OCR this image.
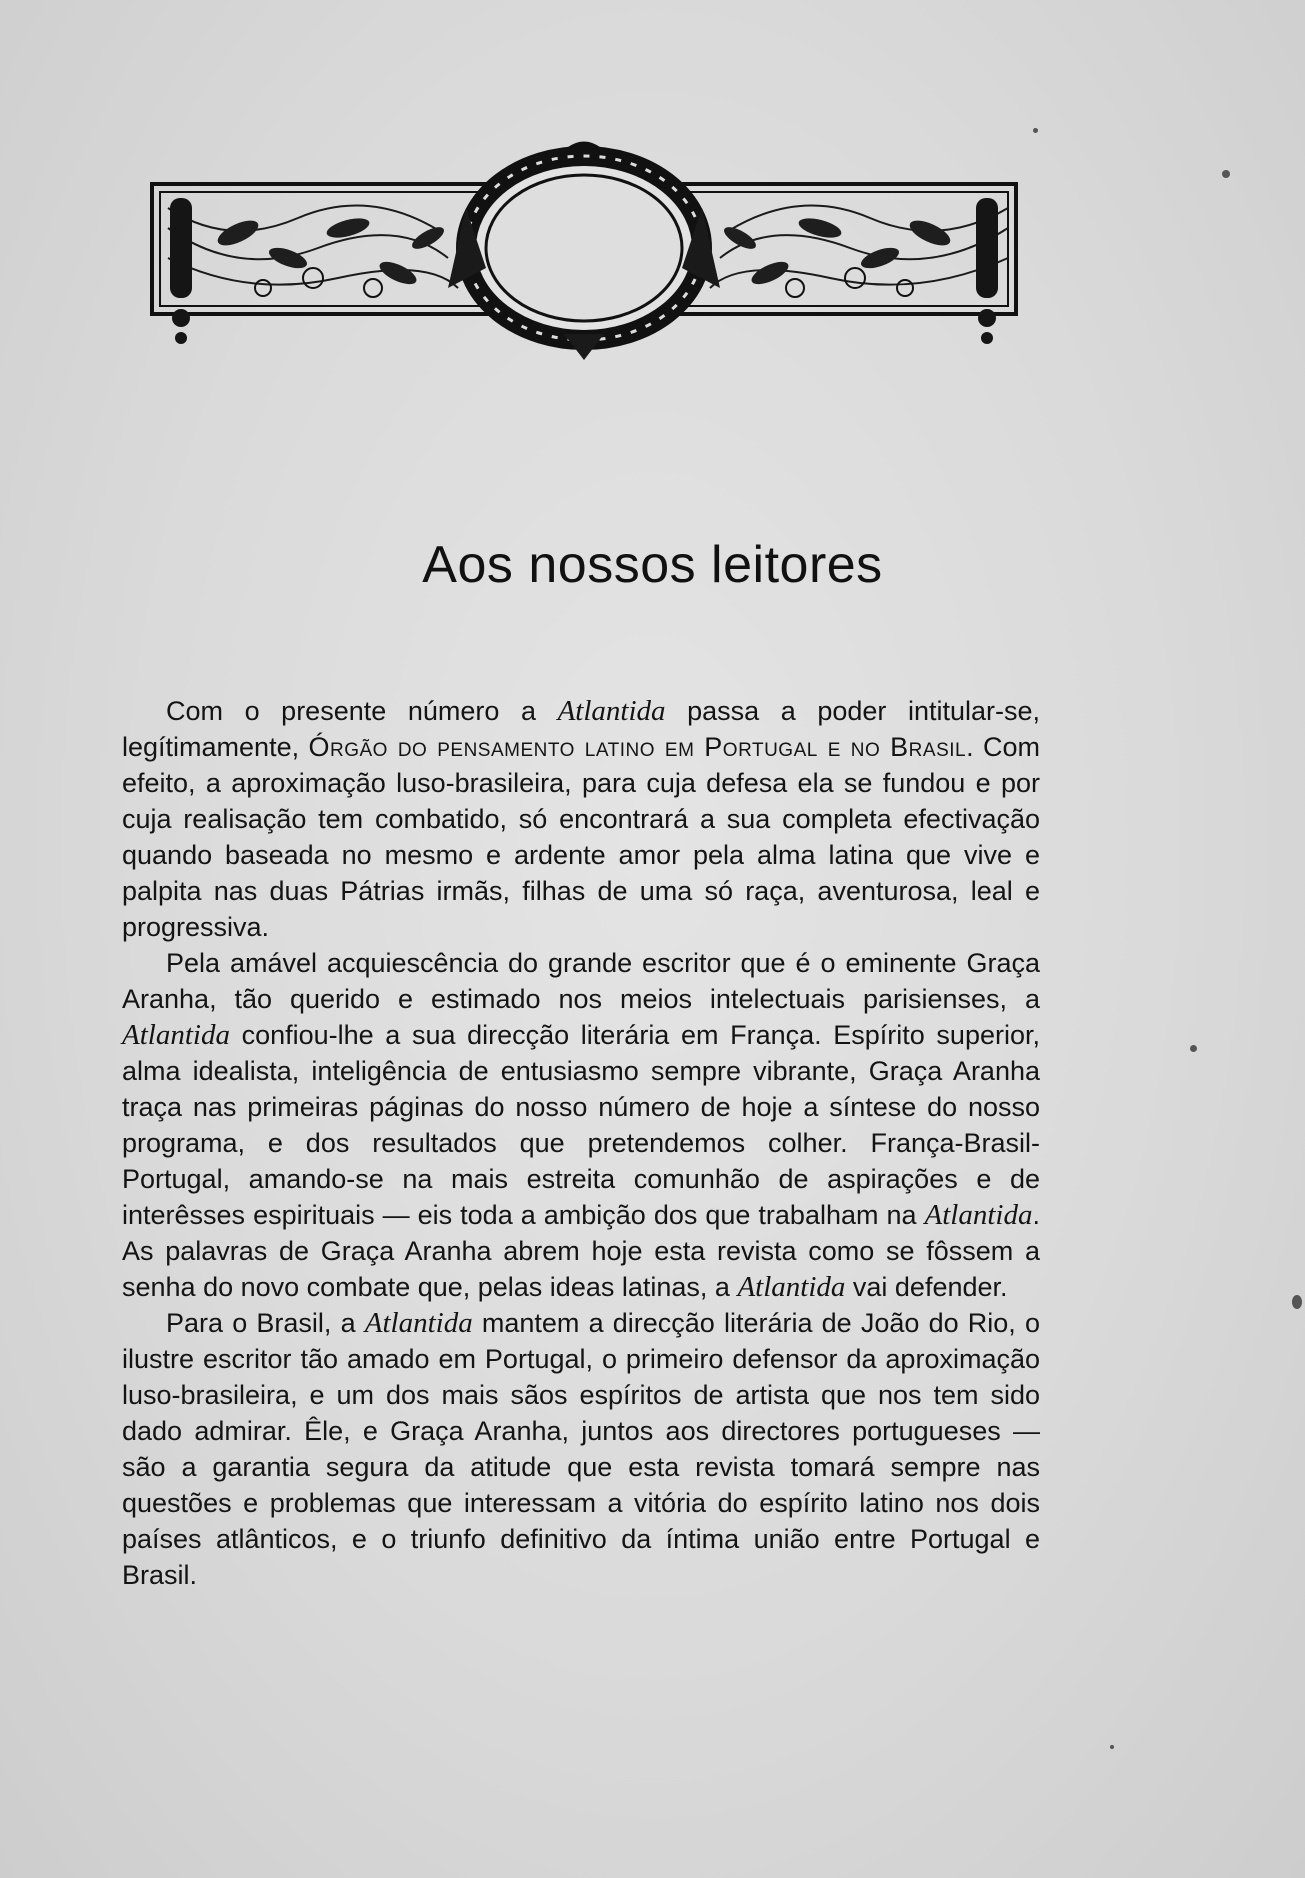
Aos nossos leitores

Com o presente número a Atlantida passa a poder intitular-se, legítimamente, Órgão do pensamento latino em Portugal e no Brasil. Com efeito, a aproximação luso-brasileira, para cuja defesa ela se fundou e por cuja realisação tem combatido, só encontrará a sua completa efectivação quando baseada no mesmo e ardente amor pela alma latina que vive e palpita nas duas Pátrias irmãs, filhas de uma só raça, aventurosa, leal e progressiva.

Pela amável acquiescência do grande escritor que é o eminente Graça Aranha, tão querido e estimado nos meios intelectuais parisienses, a Atlantida confiou-lhe a sua direcção literária em França. Espírito superior, alma idealista, inteligência de entusiasmo sempre vibrante, Graça Aranha traça nas primeiras páginas do nosso número de hoje a síntese do nosso programa, e dos resultados que pretendemos colher. França-Brasil-Portugal, amando-se na mais estreita comunhão de aspirações e de interêsses espirituais — eis toda a ambição dos que trabalham na Atlantida. As palavras de Graça Aranha abrem hoje esta revista como se fôssem a senha do novo combate que, pelas ideas latinas, a Atlantida vai defender.

Para o Brasil, a Atlantida mantem a direcção literária de João do Rio, o ilustre escritor tão amado em Portugal, o primeiro defensor da aproximação luso-brasileira, e um dos mais sãos espíritos de artista que nos tem sido dado admirar. Êle, e Graça Aranha, juntos aos directores portugueses — são a garantia segura da atitude que esta revista tomará sempre nas questões e problemas que interessam a vitória do espírito latino nos dois países atlânticos, e o triunfo definitivo da íntima união entre Portugal e Brasil.
